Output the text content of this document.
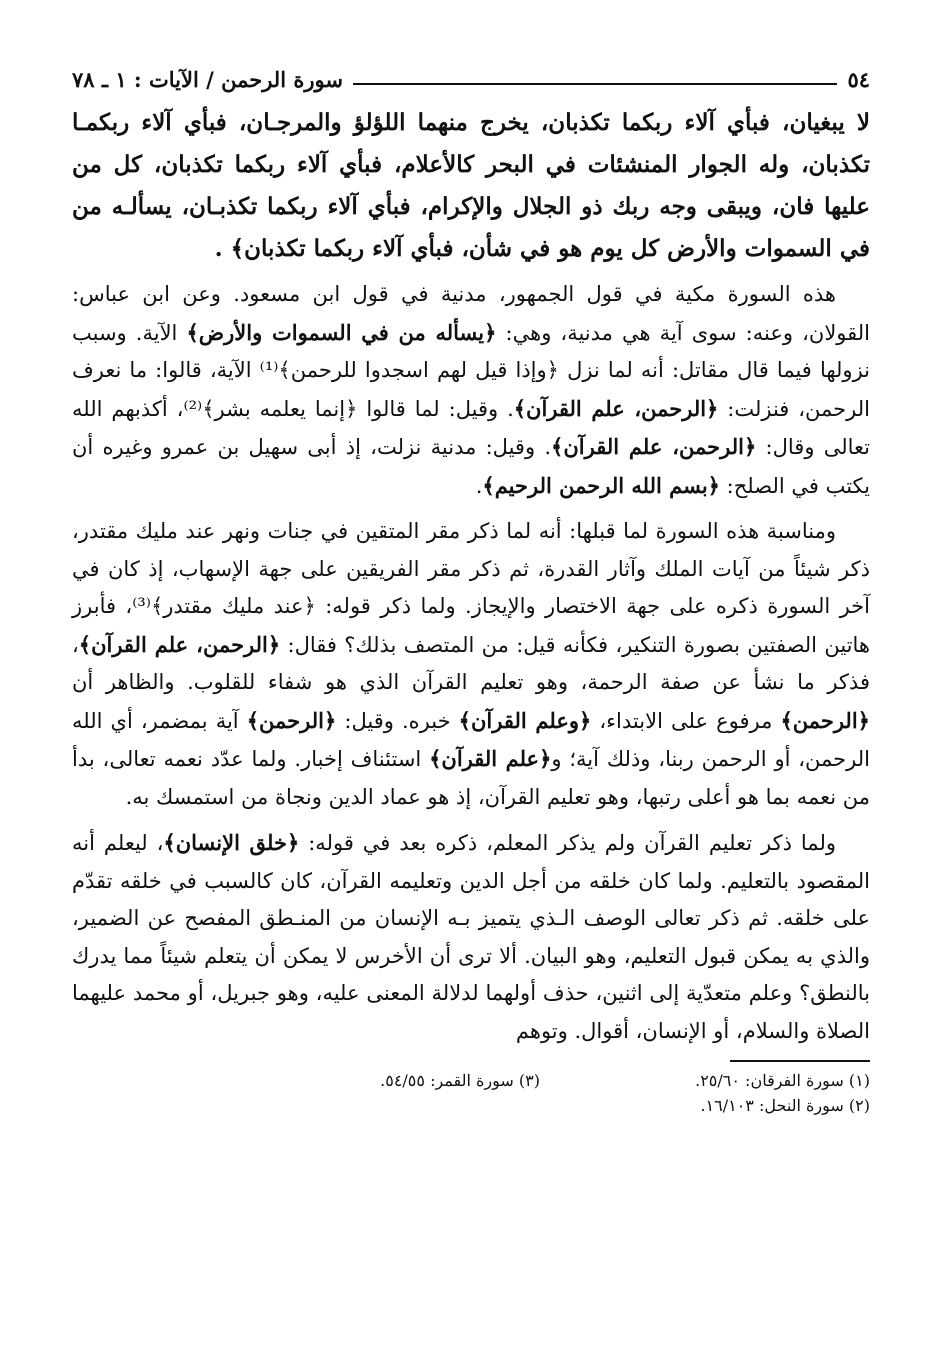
٥٤
سورة الرحمن / الآيات : ١ ـ ٧٨
لا يبغيان، فبأي آلاء ربكما تكذبان، يخرج منهما اللؤلؤ والمرجـان، فبأي آلاء ربكمـا تكذبان، وله الجوار المنشئات في البحر كالأعلام، فبأي آلاء ربكما تكذبان، كل من عليها فان، ويبقى وجه ربك ذو الجلال والإكرام، فبأي آلاء ربكما تكذبـان، يسألـه من في السموات والأرض كل يوم هو في شأن، فبأي آلاء ربكما تكذبان﴾ .

هذه السورة مكية في قول الجمهور، مدنية في قول ابن مسعود. وعن ابن عباس: القولان، وعنه: سوى آية هي مدنية، وهي: ﴿يسأله من في السموات والأرض﴾ الآية. وسبب نزولها فيما قال مقاتل: أنه لما نزل ﴿وإذا قيل لهم اسجدوا للرحمن﴾⁽¹⁾ الآية، قالوا: ما نعرف الرحمن، فنزلت: ﴿الرحمن، علم القرآن﴾. وقيل: لما قالوا ﴿إنما يعلمه بشر﴾⁽²⁾، أكذبهم الله تعالى وقال: ﴿الرحمن، علم القرآن﴾. وقيل: مدنية نزلت، إذ أبى سهيل بن عمرو وغيره أن يكتب في الصلح: ﴿بسم الله الرحمن الرحيم﴾.

ومناسبة هذه السورة لما قبلها: أنه لما ذكر مقر المتقين في جنات ونهر عند مليك مقتدر، ذكر شيئاً من آيات الملك وآثار القدرة، ثم ذكر مقر الفريقين على جهة الإسهاب، إذ كان في آخر السورة ذكره على جهة الاختصار والإيجاز. ولما ذكر قوله: ﴿عند مليك مقتدر﴾⁽³⁾، فأبرز هاتين الصفتين بصورة التنكير، فكأنه قيل: من المتصف بذلك؟ فقال: ﴿الرحمن، علم القرآن﴾، فذكر ما نشأ عن صفة الرحمة، وهو تعليم القرآن الذي هو شفاء للقلوب. والظاهر أن ﴿الرحمن﴾ مرفوع على الابتداء، ﴿وعلم القرآن﴾ خبره. وقيل: ﴿الرحمن﴾ آية بمضمر، أي الله الرحمن، أو الرحمن ربنا، وذلك آية؛ و﴿علم القرآن﴾ استئناف إخبار. ولما عدّد نعمه تعالى، بدأ من نعمه بما هو أعلى رتبها، وهو تعليم القرآن، إذ هو عماد الدين ونجاة من استمسك به.

ولما ذكر تعليم القرآن ولم يذكر المعلم، ذكره بعد في قوله: ﴿خلق الإنسان﴾، ليعلم أنه المقصود بالتعليم. ولما كان خلقه من أجل الدين وتعليمه القرآن، كان كالسبب في خلقه تقدّم على خلقه. ثم ذكر تعالى الوصف الـذي يتميز بـه الإنسان من المنـطق المفصح عن الضمير، والذي به يمكن قبول التعليم، وهو البيان. ألا ترى أن الأخرس لا يمكن أن يتعلم شيئاً مما يدرك بالنطق؟ وعلم متعدّية إلى اثنين، حذف أولهما لدلالة المعنى عليه، وهو جبريل، أو محمد عليهما الصلاة والسلام، أو الإنسان، أقوال. وتوهم

(١) سورة الفرقان: ٢٥/٦٠.
(٣) سورة القمر: ٥٤/٥٥.
(٢) سورة النحل: ١٦/١٠٣.
